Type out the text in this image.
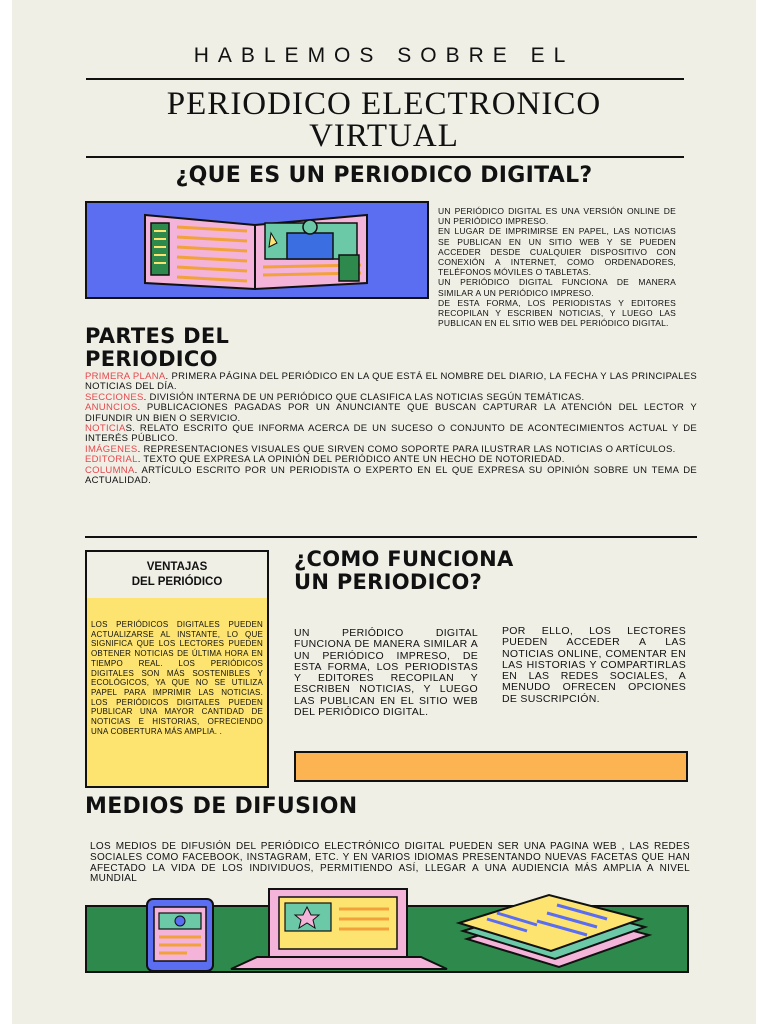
HABLEMOS SOBRE EL
PERIODICO ELECTRONICO
VIRTUAL
¿QUE ES UN PERIODICO DIGITAL?
UN PERIÓDICO DIGITAL ES UNA VERSIÓN ONLINE DE UN PERIÓDICO IMPRESO.
EN LUGAR DE IMPRIMIRSE EN PAPEL, LAS NOTICIAS SE PUBLICAN EN UN SITIO WEB Y SE PUEDEN ACCEDER DESDE CUALQUIER DISPOSITIVO CON CONEXIÓN A INTERNET, COMO ORDENADORES, TELÉFONOS MÓVILES O TABLETAS.
UN PERIÓDICO DIGITAL FUNCIONA DE MANERA SIMILAR A UN PERIÓDICO IMPRESO.
DE ESTA FORMA, LOS PERIODISTAS Y EDITORES RECOPILAN Y ESCRIBEN NOTICIAS, Y LUEGO LAS PUBLICAN EN EL SITIO WEB DEL PERIÓDICO DIGITAL.
PARTES DEL
PERIODICO
PRIMERA PLANA. PRIMERA PÁGINA DEL PERIÓDICO EN LA QUE ESTÁ EL NOMBRE DEL DIARIO, LA FECHA Y LAS PRINCIPALES NOTICIAS DEL DÍA.
SECCIONES. DIVISIÓN INTERNA DE UN PERIÓDICO QUE CLASIFICA LAS NOTICIAS SEGÚN TEMÁTICAS.
ANUNCIOS. PUBLICACIONES PAGADAS POR UN ANUNCIANTE QUE BUSCAN CAPTURAR LA ATENCIÓN DEL LECTOR Y DIFUNDIR UN BIEN O SERVICIO.
NOTICIAS. RELATO ESCRITO QUE INFORMA ACERCA DE UN SUCESO O CONJUNTO DE ACONTECIMIENTOS ACTUAL Y DE INTERÉS PÚBLICO.
IMÁGENES. REPRESENTACIONES VISUALES QUE SIRVEN COMO SOPORTE PARA ILUSTRAR LAS NOTICIAS O ARTÍCULOS.
EDITORIAL. TEXTO QUE EXPRESA LA OPINIÓN DEL PERIÓDICO ANTE UN HECHO DE NOTORIEDAD.
COLUMNA. ARTÍCULO ESCRITO POR UN PERIODISTA O EXPERTO EN EL QUE EXPRESA SU OPINIÓN SOBRE UN TEMA DE ACTUALIDAD.
VENTAJAS
DEL PERIÓDICO
LOS PERIÓDICOS DIGITALES PUEDEN ACTUALIZARSE AL INSTANTE, LO QUE SIGNIFICA QUE LOS LECTORES PUEDEN OBTENER NOTICIAS DE ÚLTIMA HORA EN TIEMPO REAL. LOS PERIÓDICOS DIGITALES SON MÁS SOSTENIBLES Y ECOLÓGICOS, YA QUE NO SE UTILIZA PAPEL PARA IMPRIMIR LAS NOTICIAS. LOS PERIÓDICOS DIGITALES PUEDEN PUBLICAR UNA MAYOR CANTIDAD DE NOTICIAS E HISTORIAS, OFRECIENDO UNA COBERTURA MÁS AMPLIA. .
¿COMO FUNCIONA
UN PERIODICO?
UN PERIÓDICO DIGITAL FUNCIONA DE MANERA SIMILAR A UN PERIÓDICO IMPRESO, DE ESTA FORMA, LOS PERIODISTAS Y EDITORES RECOPILAN Y ESCRIBEN NOTICIAS, Y LUEGO LAS PUBLICAN EN EL SITIO WEB DEL PERIÓDICO DIGITAL.
POR ELLO, LOS LECTORES PUEDEN ACCEDER A LAS NOTICIAS ONLINE, COMENTAR EN LAS HISTORIAS Y COMPARTIRLAS EN LAS REDES SOCIALES, A MENUDO OFRECEN OPCIONES DE SUSCRIPCIÓN.
MEDIOS DE DIFUSION
LOS MEDIOS DE DIFUSIÓN DEL PERIÓDICO ELECTRÓNICO DIGITAL PUEDEN SER UNA PAGINA WEB , LAS REDES SOCIALES COMO FACEBOOK, INSTAGRAM, ETC. Y EN VARIOS IDIOMAS PRESENTANDO NUEVAS FACETAS QUE HAN AFECTADO LA VIDA DE LOS INDIVIDUOS, PERMITIENDO ASÍ, LLEGAR A UNA AUDIENCIA MÁS AMPLIA A NIVEL MUNDIAL
